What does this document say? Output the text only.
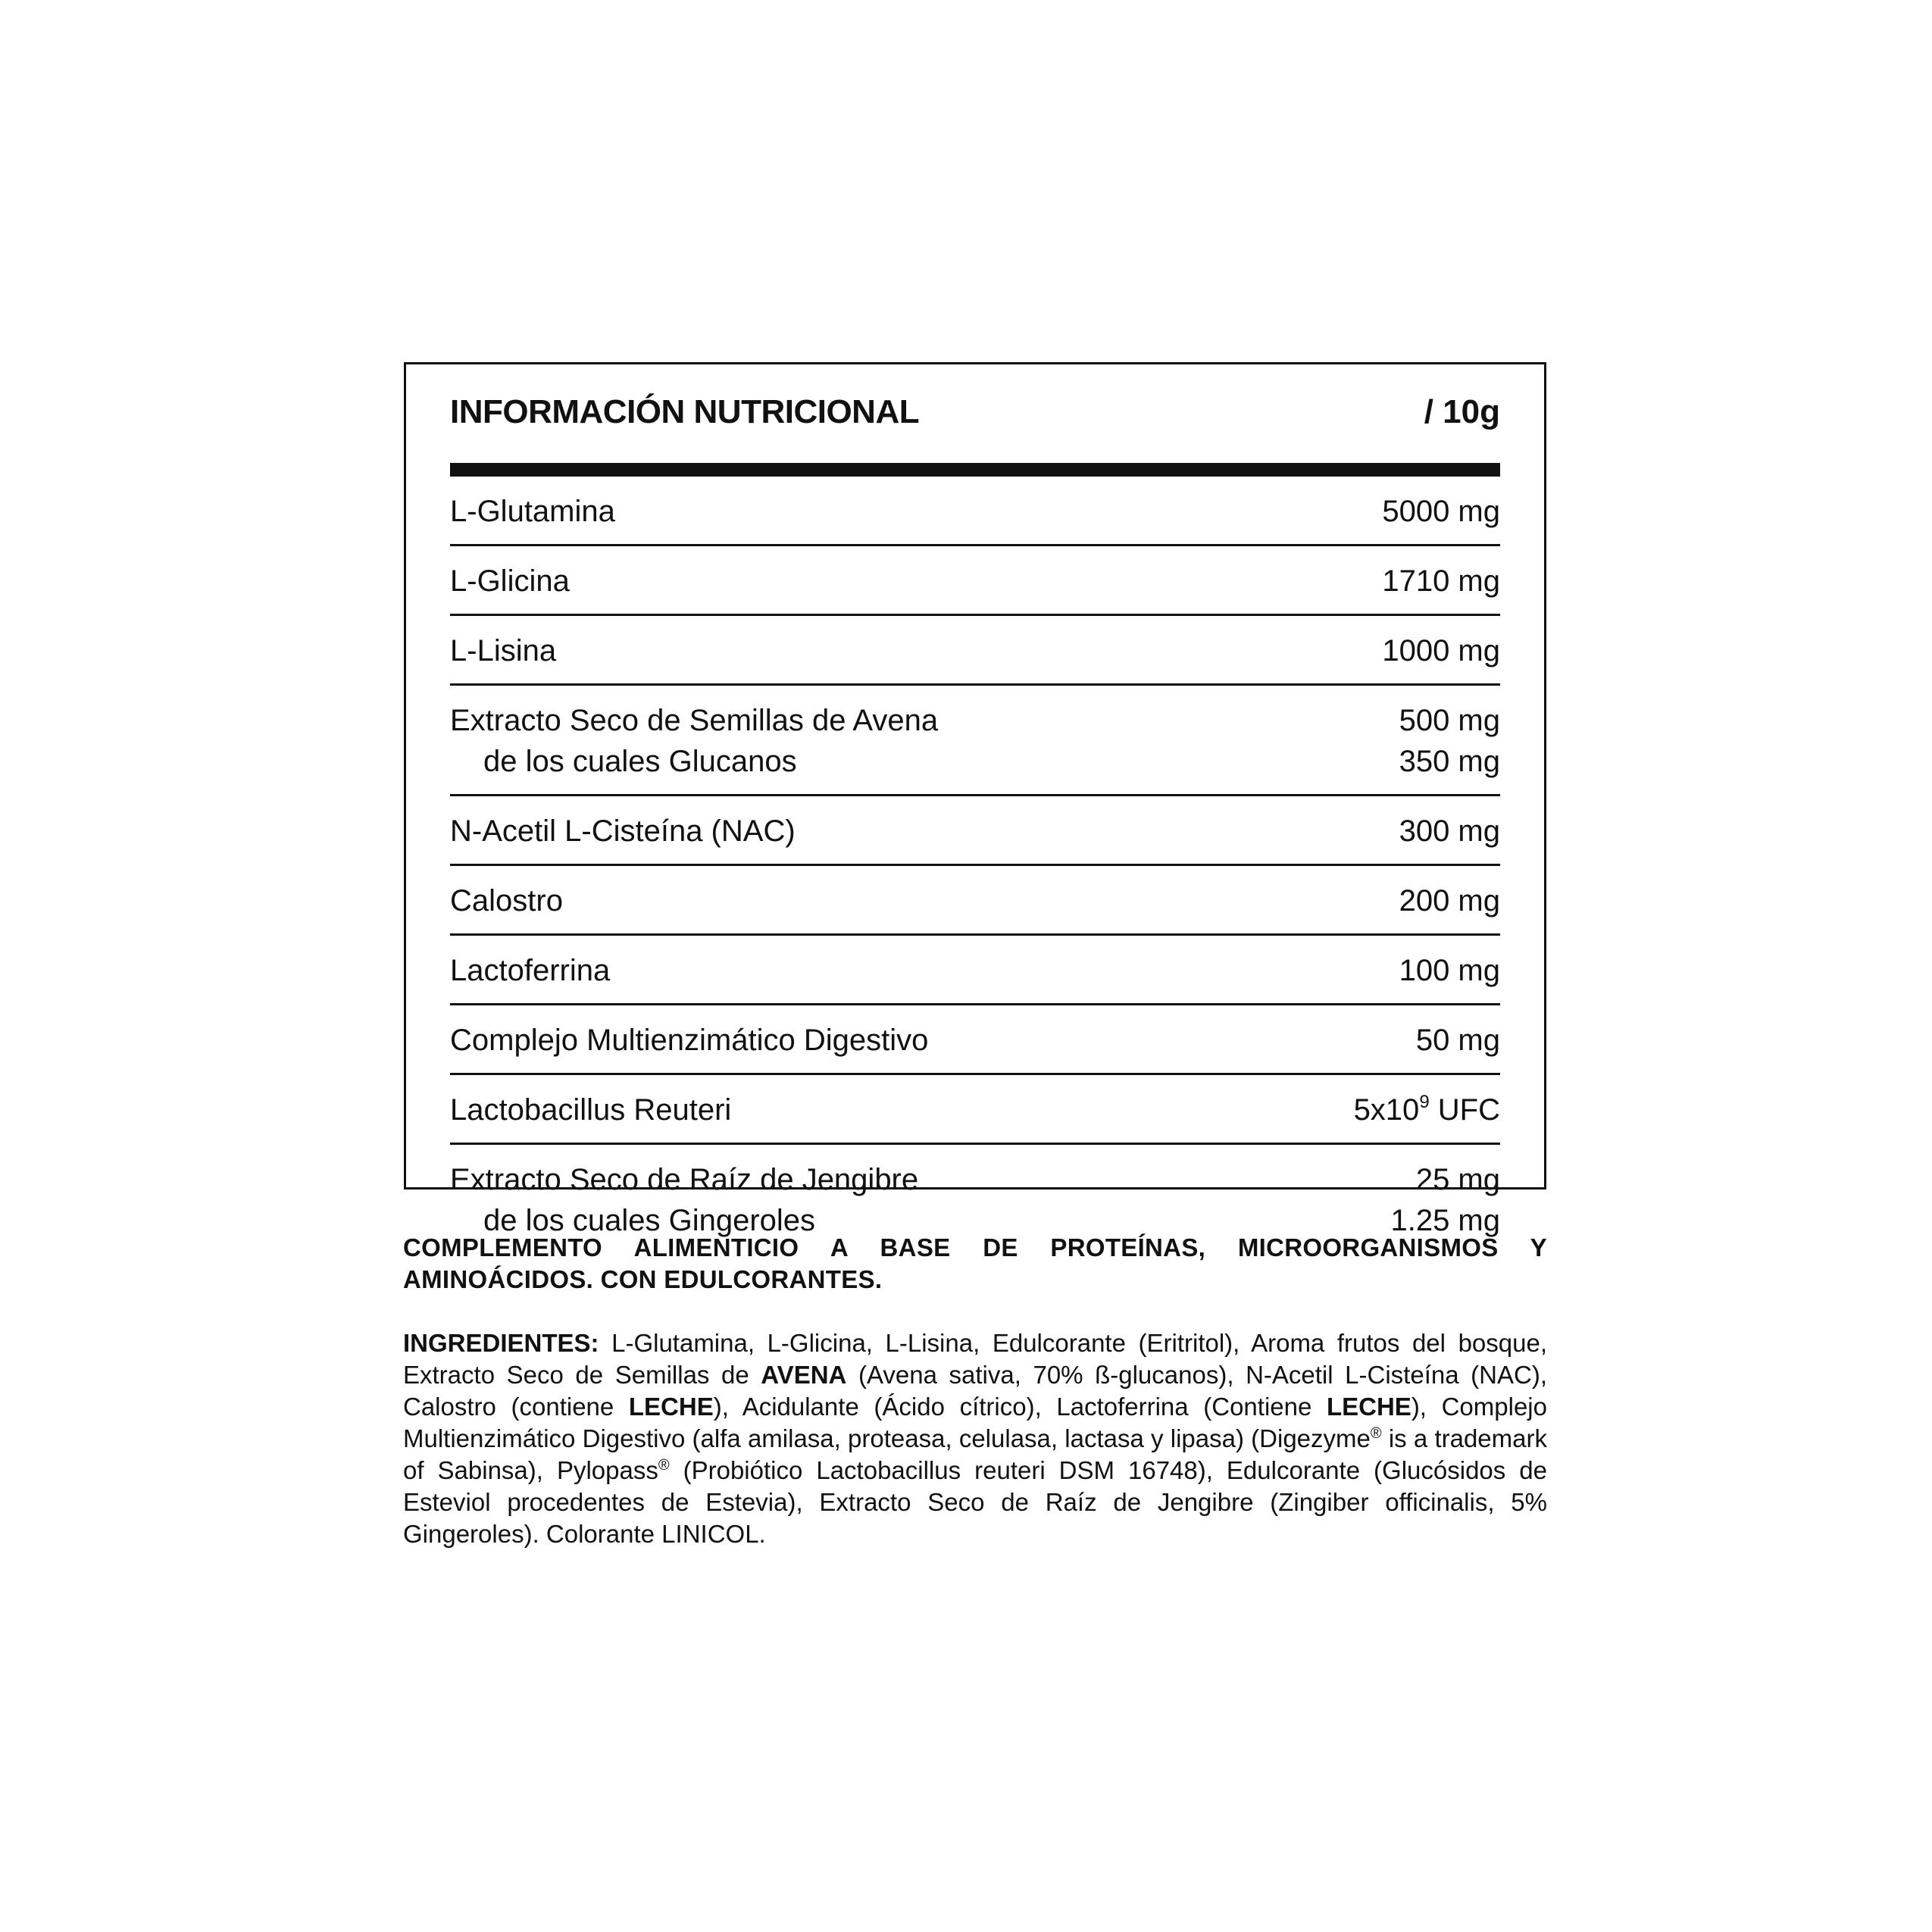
INFORMACIÓN NUTRICIONAL	/ 10g
L-Glutamina	5000 mg
L-Glicina	1710 mg
L-Lisina	1000 mg
Extracto Seco de Semillas de Avena	500 mg
de los cuales Glucanos	350 mg
N-Acetil L-Cisteína (NAC)	300 mg
Calostro	200 mg
Lactoferrina	100 mg
Complejo Multienzimático Digestivo	50 mg
Lactobacillus Reuteri	$5x10^9$ UFC
Extracto Seco de Raíz de Jengibre	25 mg
de los cuales Gingeroles	1.25 mg
COMPLEMENTO ALIMENTICIO A BASE DE PROTEÍNAS, MICROORGANISMOS Y AMINOÁCIDOS. CON EDULCORANTES.
INGREDIENTES: L-Glutamina, L-Glicina, L-Lisina, Edulcorante (Eritritol), Aroma frutos del bosque, Extracto Seco de Semillas de AVENA (Avena sativa, 70% ß-glucanos), N-Acetil L-Cisteína (NAC), Calostro (contiene LECHE), Acidulante (Ácido cítrico), Lactoferrina (Contiene LECHE), Complejo Multienzimático Digestivo (alfa amilasa, proteasa, celulasa, lactasa y lipasa) (Digezyme® is a trademark of Sabinsa), Pylopass® (Probiótico Lactobacillus reuteri DSM 16748), Edulcorante (Glucósidos de Esteviol procedentes de Estevia), Extracto Seco de Raíz de Jengibre (Zingiber officinalis, 5% Gingeroles). Colorante LINICOL.
